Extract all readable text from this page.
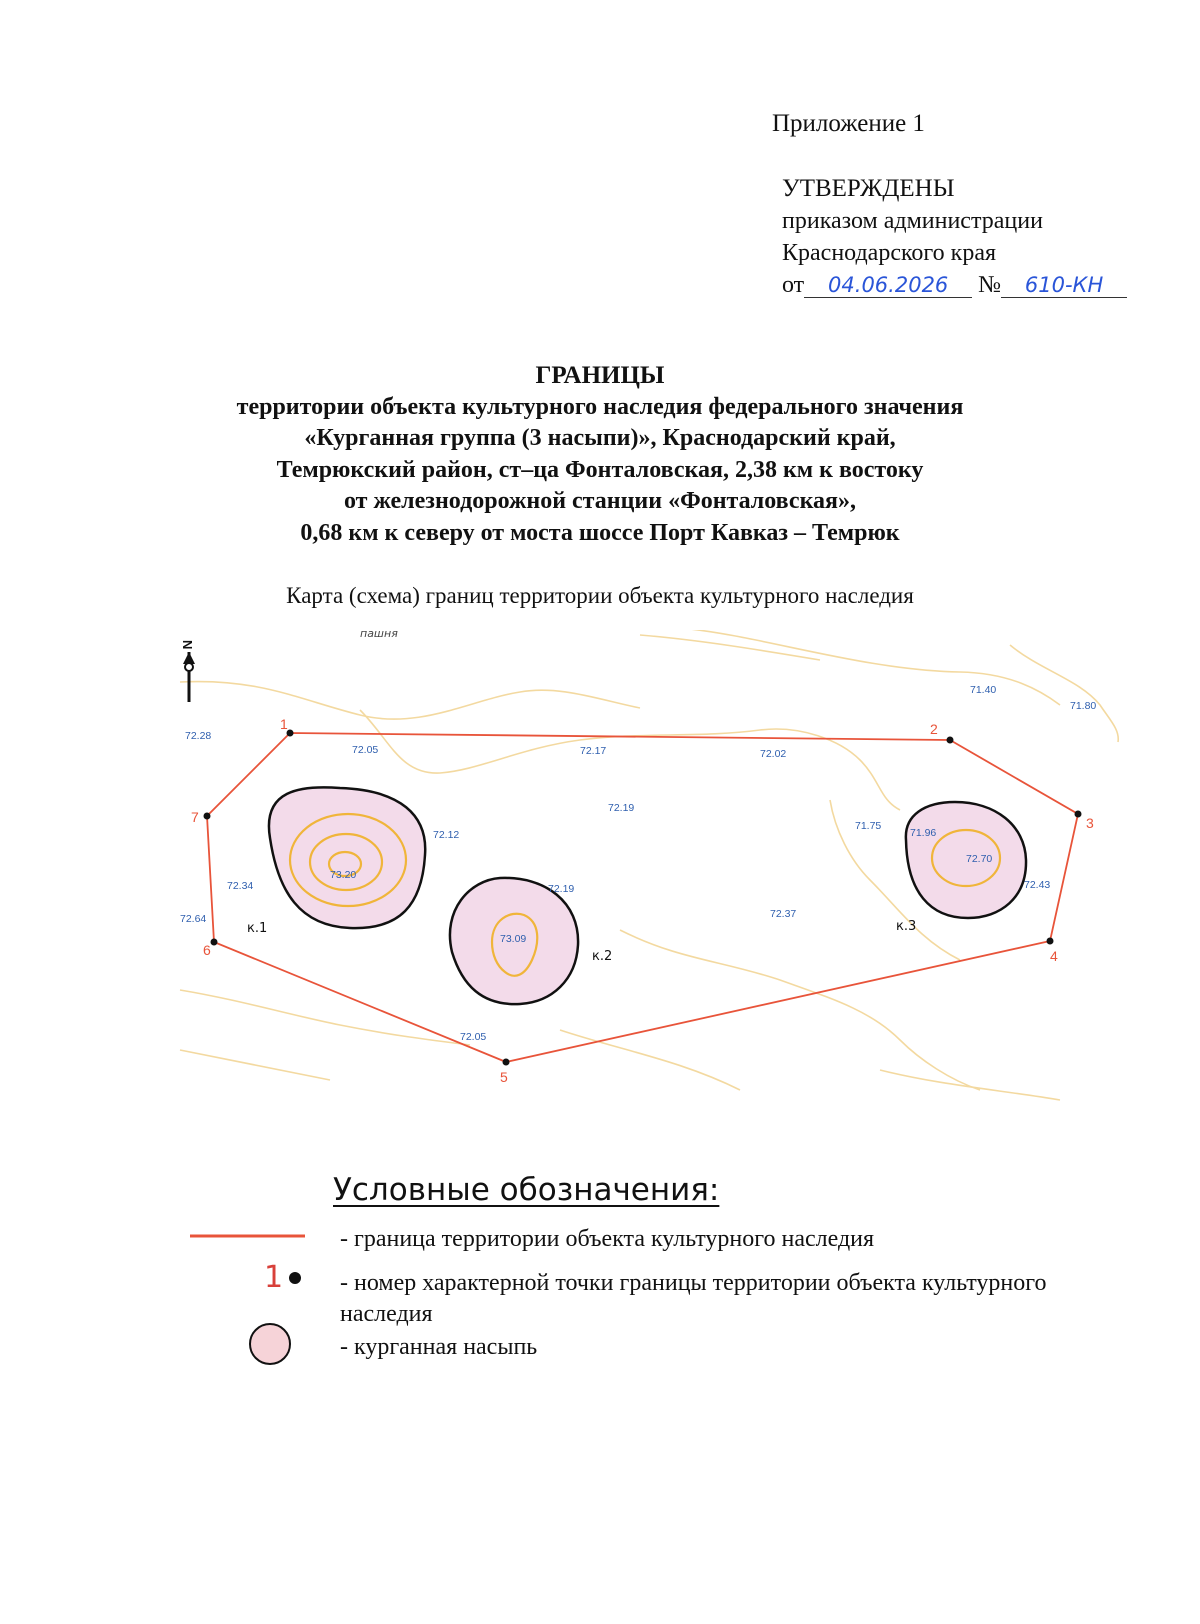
Приложение 1
УТВЕРЖДЕНЫ
приказом администрации
Краснодарского края
от 04.06.2026 № 610-КН
ГРАНИЦЫ
территории объекта культурного наследия федерального значения
«Курганная группа (3 насыпи)», Краснодарский край,
Темрюкский район, ст–ца Фонталовская, 2,38 км к востоку
от железнодорожной станции «Фонталовская»,
0,68 км к северу от моста шоссе Порт Кавказ – Темрюк
Карта (схема) границ территории объекта культурного наследия
N
пашня
1	2
3
4
5
6
7
к.1
к.2
к.3
72.28
72.05	72.17	72.02
71.40
71.80
72.19
72.12
73.20
72.34
72.64
72.19
73.09
72.05
72.37
71.75
71.96
72.70
72.43
Условные обозначения:
1
- граница территории объекта культурного наследия
- номер характерной точки границы территории объекта культурного наследия
- курганная насыпь
